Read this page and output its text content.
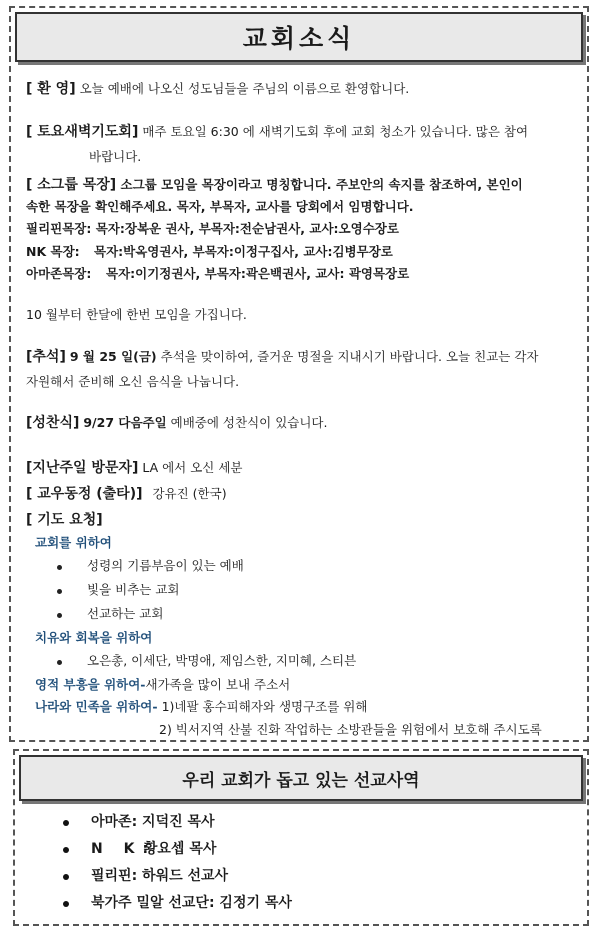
교회소식
[ 환 영] 오늘 예배에 나오신 성도님들을 주님의 이름으로 환영합니다.
[ 토요새벽기도회] 매주 토요일 6:30 에 새벽기도회 후에 교회 청소가 있습니다. 많은 참여
바랍니다.
[ 소그룹 목장] 소그룹 모임을 목장이라고 명칭합니다. 주보안의 속지를 참조하여, 본인이
속한 목장을 확인해주세요. 목자, 부목자, 교사를 당회에서 임명합니다.
필리핀목장: 목자:장복운 권사, 부목자:전순남권사, 교사:오영수장로
NK 목장: 목자:박옥영권사, 부목자:이정구집사, 교사:김병무장로
아마존목장: 목자:이기정권사, 부목자:곽은백권사, 교사: 곽영목장로
10 월부터 한달에 한번 모임을 가집니다.
[추석] 9 월 25 일(금) 추석을 맞이하여, 즐거운 명절을 지내시기 바랍니다. 오늘 친교는 각자
자원해서 준비해 오신 음식을 나눕니다.
[성찬식] 9/27 다음주일 예배중에 성찬식이 있습니다.
[지난주일 방문자] LA 에서 오신 세분
[ 교우동정 (출타)] 강유진 (한국)
[ 기도 요청]
교회를 위하여
성령의 기름부음이 있는 예배
빛을 비추는 교회
선교하는 교회
치유와 회복을 위하여
오은총, 이세단, 박명애, 제임스한, 지미혜, 스티븐
영적 부흥을 위하여-새가족을 많이 보내 주소서
나라와 민족을 위하여- 1)네팔 홍수피해자와 생명구조를 위해
2) 빅서지역 산불 진화 작업하는 소방관들을 위험에서 보호해 주시도록
우리 교회가 돕고 있는 선교사역
아마존: 지덕진 목사
N K: 황요셉 목사
필리핀: 하워드 선교사
북가주 밀알 선교단: 김정기 목사
